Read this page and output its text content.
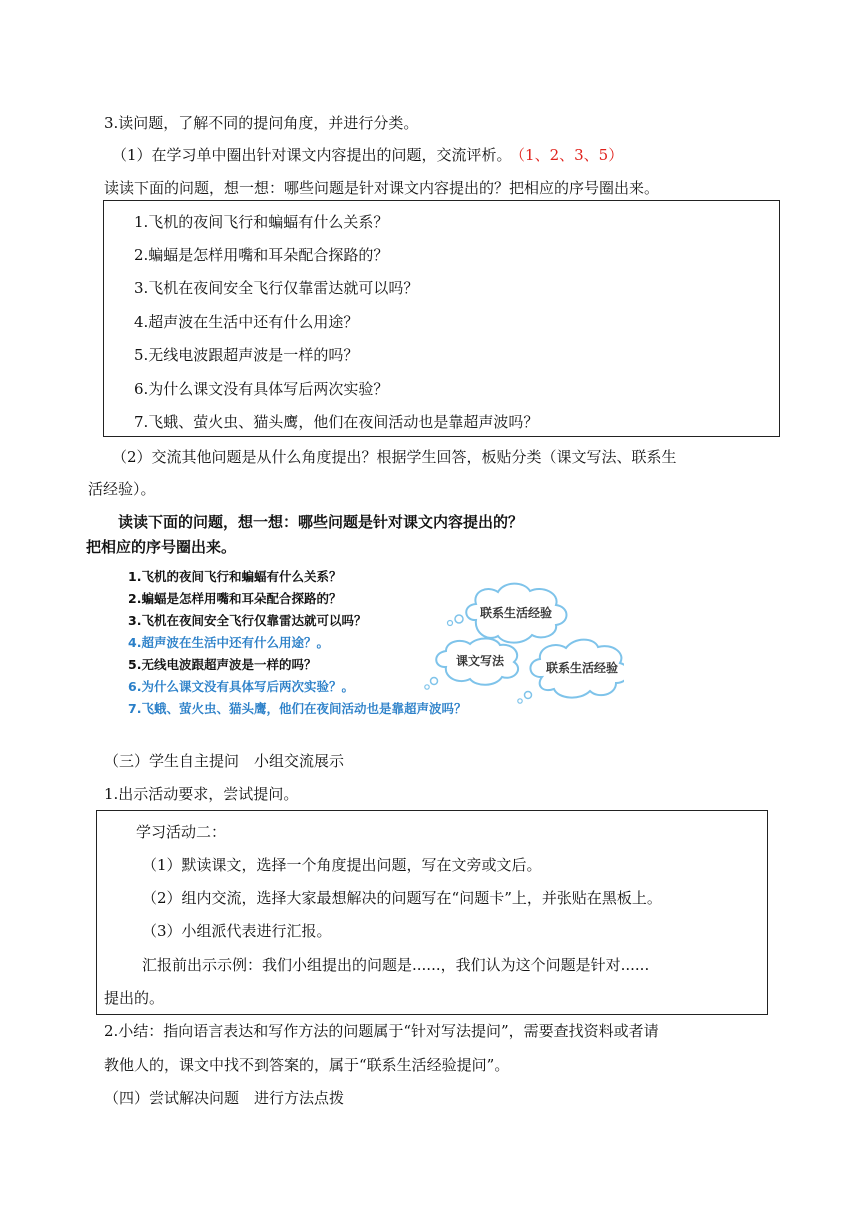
3.读问题，了解不同的提问角度，并进行分类。
（1）在学习单中圈出针对课文内容提出的问题，交流评析。 （1、2、3、5）
读读下面的问题，想一想：哪些问题是针对课文内容提出的？把相应的序号圈出来。
1.飞机的夜间飞行和蝙蝠有什么关系？
2.蝙蝠是怎样用嘴和耳朵配合探路的？
3.飞机在夜间安全飞行仅靠雷达就可以吗？
4.超声波在生活中还有什么用途？
5.无线电波跟超声波是一样的吗？
6.为什么课文没有具体写后两次实验？
7.飞蛾、萤火虫、猫头鹰，他们在夜间活动也是靠超声波吗？
（2）交流其他问题是从什么角度提出？根据学生回答，板贴分类（课文写法、联系生
活经验）。
读读下面的问题，想一想：哪些问题是针对课文内容提出的？
把相应的序号圈出来。
1.飞机的夜间飞行和蝙蝠有什么关系？
2.蝙蝠是怎样用嘴和耳朵配合探路的？
3.飞机在夜间安全飞行仅靠雷达就可以吗？
4.超声波在生活中还有什么用途？。
5.无线电波跟超声波是一样的吗？
6.为什么课文没有具体写后两次实验？。
7.飞蛾、萤火虫、猫头鹰，他们在夜间活动也是靠超声波吗？
联系生活经验
课文写法	联系生活经验
（三）学生自主提问　小组交流展示
1.出示活动要求，尝试提问。
学习活动二：
（1）默读课文，选择一个角度提出问题，写在文旁或文后。
（2）组内交流，选择大家最想解决的问题写在“问题卡”上，并张贴在黑板上。
（3）小组派代表进行汇报。
汇报前出示示例：我们小组提出的问题是......，我们认为这个问题是针对......
提出的。
2.小结：指向语言表达和写作方法的问题属于“针对写法提问”，需要查找资料或者请
教他人的，课文中找不到答案的，属于“联系生活经验提问”。
（四）尝试解决问题　进行方法点拨
